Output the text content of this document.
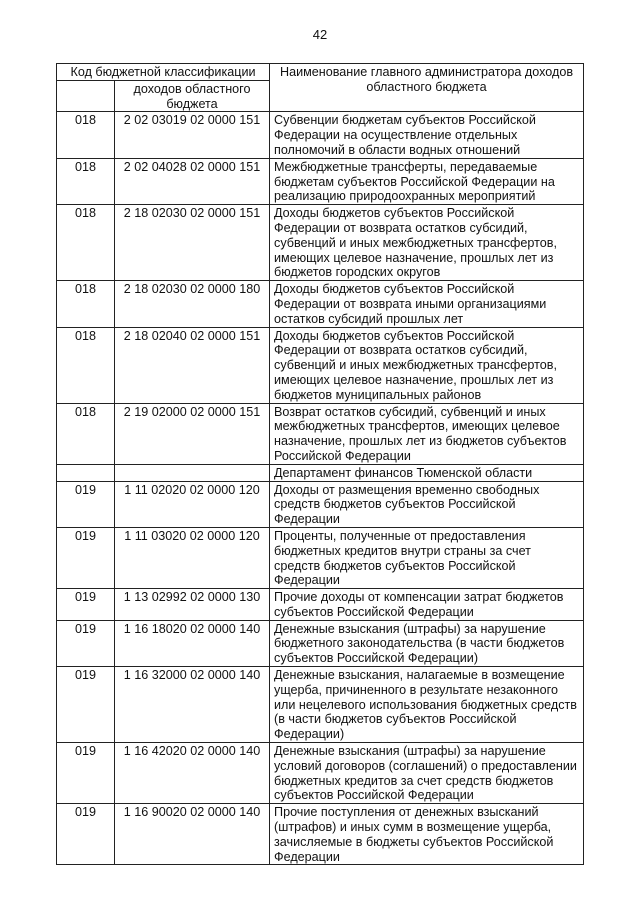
42
Код бюджетной классификации		Наименование главного администратора доходов областного бюджета
	доходов областного бюджета	
018	2 02 03019 02 0000 151	Субвенции бюджетам субъектов Российской Федерации на осуществление отдельных полномочий в области водных отношений
018	2 02 04028 02 0000 151	Межбюджетные трансферты, передаваемые бюджетам субъектов Российской Федерации на реализацию природоохранных мероприятий
018	2 18 02030 02 0000 151	Доходы бюджетов субъектов Российской Федерации от возврата остатков субсидий, субвенций и иных межбюджетных трансфертов, имеющих целевое назначение, прошлых лет из бюджетов городских округов
018	2 18 02030 02 0000 180	Доходы бюджетов субъектов Российской Федерации от возврата иными организациями остатков субсидий прошлых лет
018	2 18 02040 02 0000 151	Доходы бюджетов субъектов Российской Федерации от возврата остатков субсидий, субвенций и иных межбюджетных трансфертов, имеющих целевое назначение, прошлых лет из бюджетов муниципальных районов
018	2 19 02000 02 0000 151	Возврат остатков субсидий, субвенций и иных межбюджетных трансфертов, имеющих целевое назначение, прошлых лет из бюджетов субъектов Российской Федерации
		Департамент финансов Тюменской области
019	1 11 02020 02 0000 120	Доходы от размещения временно свободных средств бюджетов субъектов Российской Федерации
019	1 11 03020 02 0000 120	Проценты, полученные от предоставления бюджетных кредитов внутри страны за счет средств бюджетов субъектов Российской Федерации
019	1 13 02992 02 0000 130	Прочие доходы от компенсации затрат бюджетов субъектов Российской Федерации
019	1 16 18020 02 0000 140	Денежные взыскания (штрафы) за нарушение бюджетного законодательства (в части бюджетов субъектов Российской Федерации)
019	1 16 32000 02 0000 140	Денежные взыскания, налагаемые в возмещение ущерба, причиненного в результате незаконного или нецелевого использования бюджетных средств (в части бюджетов субъектов Российской Федерации)
019	1 16 42020 02 0000 140	Денежные взыскания (штрафы) за нарушение условий договоров (соглашений) о предоставлении бюджетных кредитов за счет средств бюджетов субъектов Российской Федерации
019	1 16 90020 02 0000 140	Прочие поступления от денежных взысканий (штрафов) и иных сумм в возмещение ущерба, зачисляемые в бюджеты субъектов Российской Федерации
